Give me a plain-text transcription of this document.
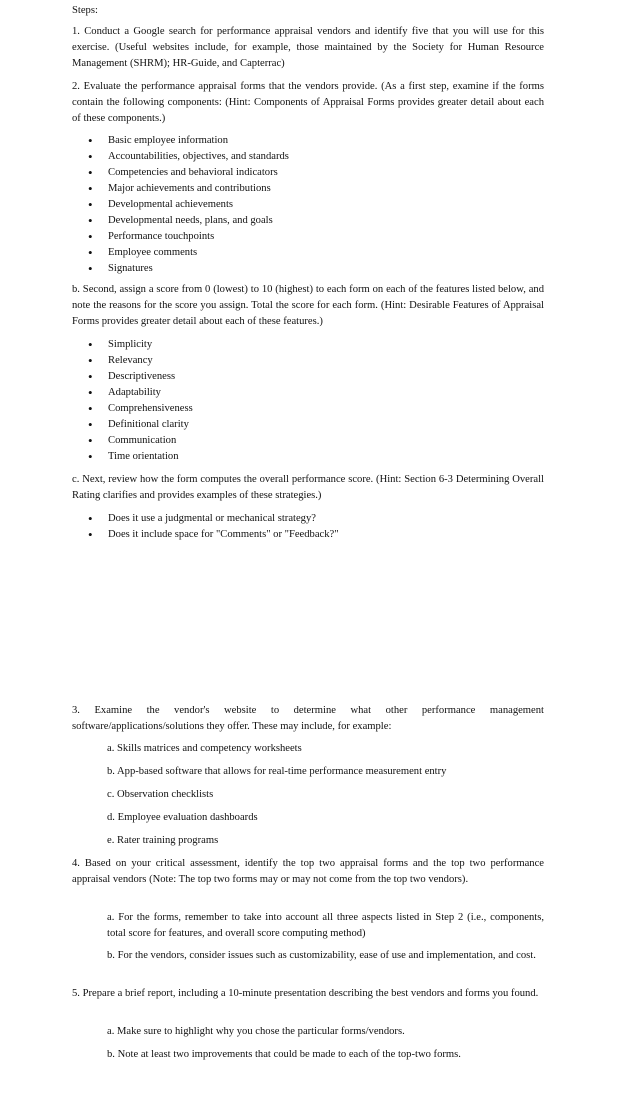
Steps:
1. Conduct a Google search for performance appraisal vendors and identify five that you will use for this exercise. (Useful websites include, for example, those maintained by the Society for Human Resource Management (SHRM); HR-Guide, and Capterrac)
2. Evaluate the performance appraisal forms that the vendors provide. (As a first step, examine if the forms contain the following components: (Hint: Components of Appraisal Forms provides greater detail about each of these components.)
• Basic employee information
• Accountabilities, objectives, and standards
• Competencies and behavioral indicators
• Major achievements and contributions
• Developmental achievements
• Developmental needs, plans, and goals
• Performance touchpoints
• Employee comments
• Signatures
b. Second, assign a score from 0 (lowest) to 10 (highest) to each form on each of the features listed below, and note the reasons for the score you assign. Total the score for each form. (Hint: Desirable Features of Appraisal Forms provides greater detail about each of these features.)
• Simplicity
• Relevancy
• Descriptiveness
• Adaptability
• Comprehensiveness
• Definitional clarity
• Communication
• Time orientation
c. Next, review how the form computes the overall performance score. (Hint: Section 6-3 Determining Overall Rating clarifies and provides examples of these strategies.)
• Does it use a judgmental or mechanical strategy?
• Does it include space for "Comments" or "Feedback?"
3. Examine the vendor's website to determine what other performance management software/applications/solutions they offer. These may include, for example:
a. Skills matrices and competency worksheets
b. App-based software that allows for real-time performance measurement entry
c. Observation checklists
d. Employee evaluation dashboards
e. Rater training programs
4. Based on your critical assessment, identify the top two appraisal forms and the top two performance appraisal vendors (Note: The top two forms may or may not come from the top two vendors).
a. For the forms, remember to take into account all three aspects listed in Step 2 (i.e., components, total score for features, and overall score computing method)
b. For the vendors, consider issues such as customizability, ease of use and implementation, and cost.
5. Prepare a brief report, including a 10-minute presentation describing the best vendors and forms you found.
a. Make sure to highlight why you chose the particular forms/vendors.
b. Note at least two improvements that could be made to each of the top-two forms.
